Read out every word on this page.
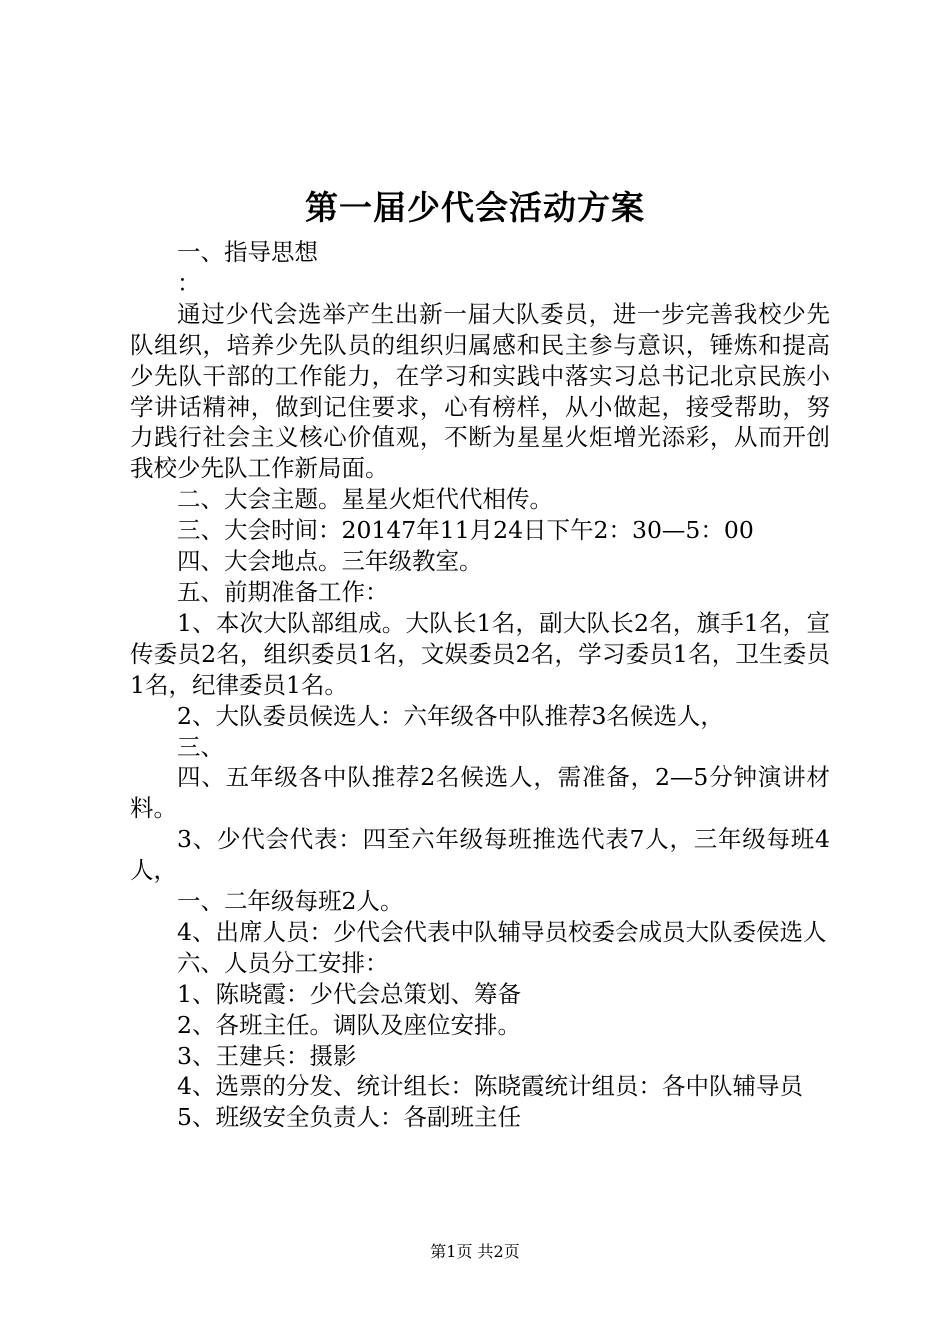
第一届少代会活动方案

一、指导思想

：

通过少代会选举产生出新一届大队委员，进一步完善我校少先队组织，培养少先队员的组织归属感和民主参与意识，锤炼和提高少先队干部的工作能力，在学习和实践中落实习总书记北京民族小学讲话精神，做到记住要求，心有榜样，从小做起，接受帮助，努力践行社会主义核心价值观，不断为星星火炬增光添彩，从而开创我校少先队工作新局面。

二、大会主题。星星火炬代代相传。

三、大会时间：20147年11月24日下午2：30—5：00

四、大会地点。三年级教室。

五、前期准备工作：

1、本次大队部组成。大队长1名，副大队长2名，旗手1名，宣传委员2名，组织委员1名，文娱委员2名，学习委员1名，卫生委员1名，纪律委员1名。

2、大队委员候选人：六年级各中队推荐3名候选人，

三、

四、五年级各中队推荐2名候选人，需准备，2—5分钟演讲材料。

3、少代会代表：四至六年级每班推选代表7人，三年级每班4人，

一、二年级每班2人。

4、出席人员：少代会代表中队辅导员校委会成员大队委侯选人

六、人员分工安排：

1、陈晓霞：少代会总策划、筹备

2、各班主任。调队及座位安排。

3、王建兵：摄影

4、选票的分发、统计组长：陈晓霞统计组员：各中队辅导员

5、班级安全负责人：各副班主任

第1页 共2页
